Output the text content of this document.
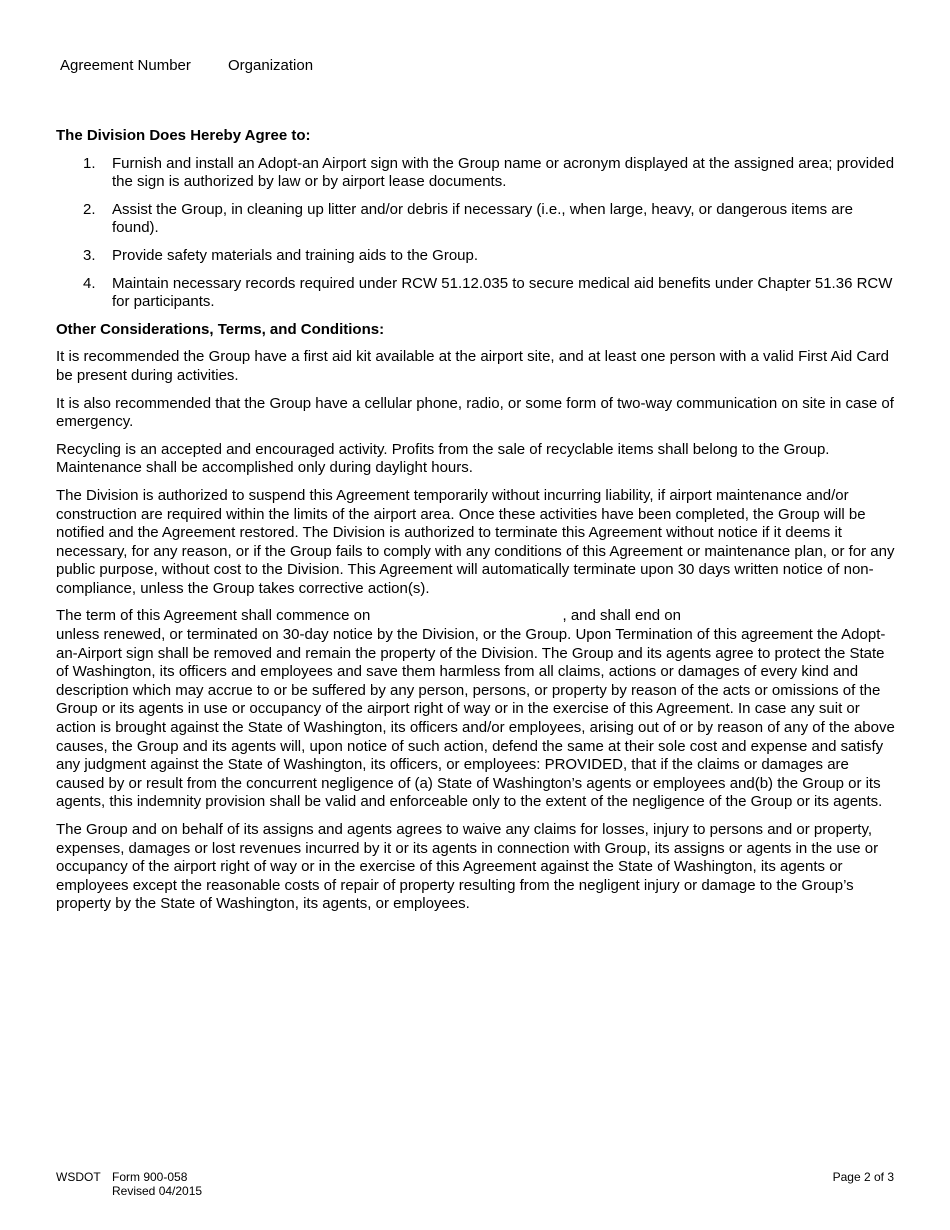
Agreement Number Organization
The Division Does Hereby Agree to:
1. Furnish and install an Adopt-an Airport sign with the Group name or acronym displayed at the assigned area; provided the sign is authorized by law or by airport lease documents.
2. Assist the Group, in cleaning up litter and/or debris if necessary (i.e., when large, heavy, or dangerous items are found).
3. Provide safety materials and training aids to the Group.
4. Maintain necessary records required under RCW 51.12.035 to secure medical aid benefits under Chapter 51.36 RCW for participants.
Other Considerations, Terms, and Conditions:

It is recommended the Group have a first aid kit available at the airport site, and at least one person with a valid First Aid Card be present during activities.

It is also recommended that the Group have a cellular phone, radio, or some form of two-way communication on site in case of emergency.

Recycling is an accepted and encouraged activity. Profits from the sale of recyclable items shall belong to the Group. Maintenance shall be accomplished only during daylight hours.

The Division is authorized to suspend this Agreement temporarily without incurring liability, if airport maintenance and/or construction are required within the limits of the airport area. Once these activities have been completed, the Group will be notified and the Agreement restored. The Division is authorized to terminate this Agreement without notice if it deems it necessary, for any reason, or if the Group fails to comply with any conditions of this Agreement or maintenance plan, or for any public purpose, without cost to the Division. This Agreement will automatically terminate upon 30 days written notice of non-compliance, unless the Group takes corrective action(s).

The term of this Agreement shall commence on	, and shall end on
unless renewed, or terminated on 30-day notice by the Division, or the Group. Upon Termination of this agreement the Adopt-an-Airport sign shall be removed and remain the property of the Division. The Group and its agents agree to protect the State of Washington, its officers and employees and save them harmless from all claims, actions or damages of every kind and description which may accrue to or be suffered by any person, persons, or property by reason of the acts or omissions of the Group or its agents in use or occupancy of the airport right of way or in the exercise of this Agreement. In case any suit or action is brought against the State of Washington, its officers and/or employees, arising out of or by reason of any of the above causes, the Group and its agents will, upon notice of such action, defend the same at their sole cost and expense and satisfy any judgment against the State of Washington, its officers, or employees: PROVIDED, that if the claims or damages are caused by or result from the concurrent negligence of (a) State of Washington’s agents or employees and(b) the Group or its agents, this indemnity provision shall be valid and enforceable only to the extent of the negligence of the Group or its agents.

The Group and on behalf of its assigns and agents agrees to waive any claims for losses, injury to persons and or property, expenses, damages or lost revenues incurred by it or its agents in connection with Group, its assigns or agents in the use or occupancy of the airport right of way or in the exercise of this Agreement against the State of Washington, its agents or employees except the reasonable costs of repair of property resulting from the negligent injury or damage to the Group’s property by the State of Washington, its agents, or employees.

WSDOT Form 900-058
Revised 04/2015
Page 2 of 3
